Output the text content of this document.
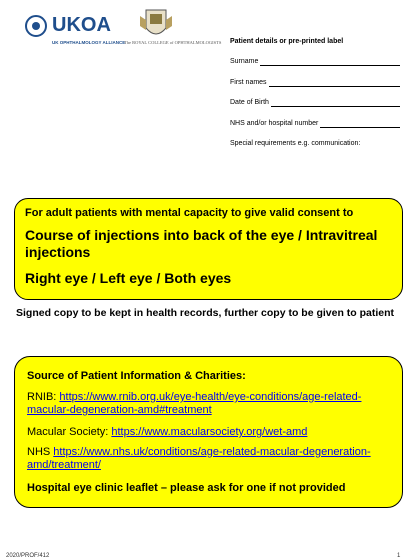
UKOA
UK OPHTHALMOLOGY ALLIANCE
The ROYAL COLLEGE of OPHTHALMOLOGISTS Patient details or pre-printed label
Surname
First names
Date of Birth
NHS and/or hospital number
Special requirements e.g. communication:
For adult patients with mental capacity to give valid consent to
Course of injections into back of the eye / Intravitreal injections
Right eye / Left eye / Both eyes
Signed copy to be kept in health records, further copy to be given to patient
Source of Patient Information & Charities:
RNIB: https://www.rnib.org.uk/eye-health/eye-conditions/age-related-macular-degeneration-amd#treatment
Macular Society: https://www.macularsociety.org/wet-amd
NHS https://www.nhs.uk/conditions/age-related-macular-degeneration-amd/treatment/
Hospital eye clinic leaflet – please ask for one if not provided
2020/PROF/412	1
